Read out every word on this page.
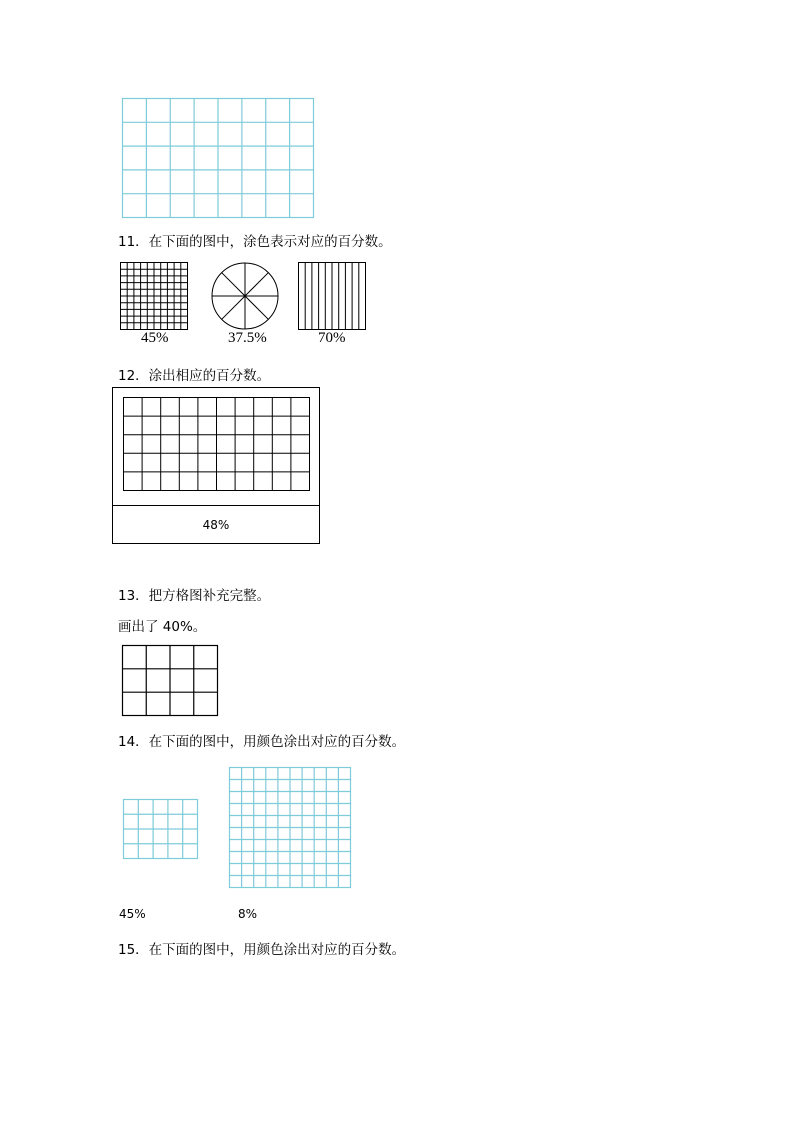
11．在下面的图中，涂色表示对应的百分数。
45%	37.5%	70%
12．涂出相应的百分数。
48%
13．把方格图补充完整。
画出了 40%。
14．在下面的图中，用颜色涂出对应的百分数。
45%	8%
15．在下面的图中，用颜色涂出对应的百分数。
